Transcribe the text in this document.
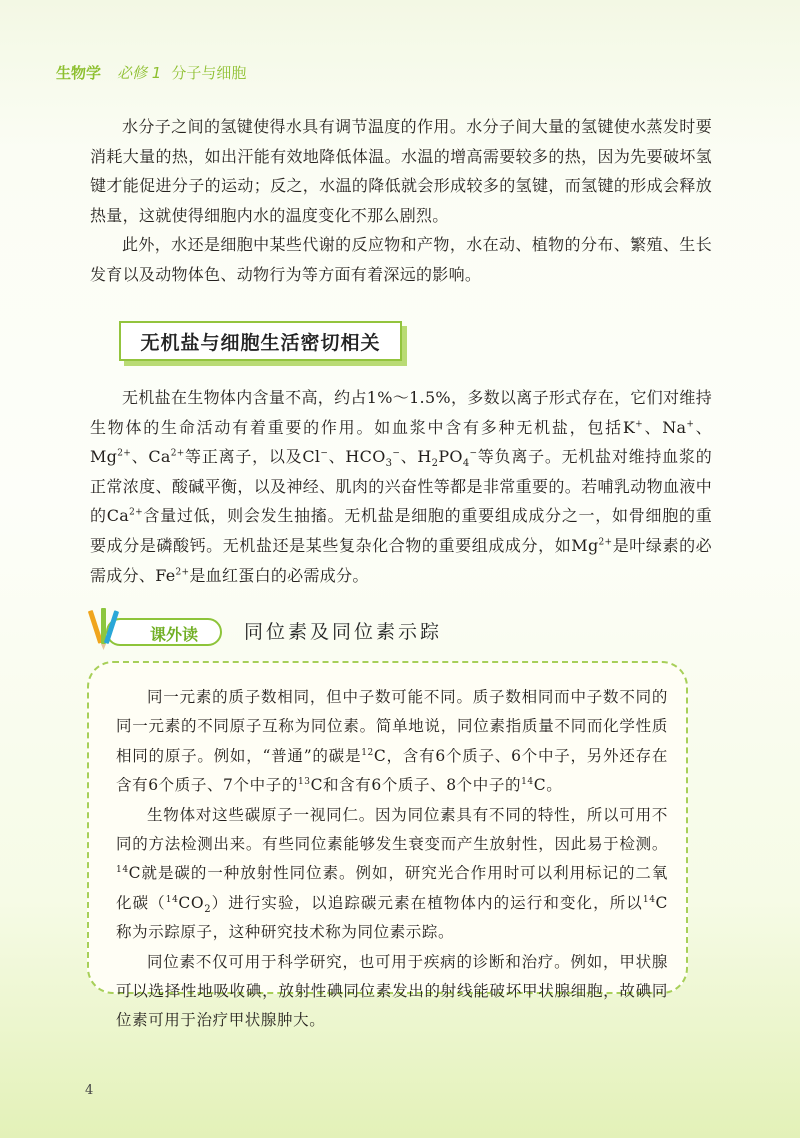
生物学 必修 1 分子与细胞

水分子之间的氢键使得水具有调节温度的作用。水分子间大量的氢键使水蒸发时要消耗大量的热，如出汗能有效地降低体温。水温的增高需要较多的热，因为先要破坏氢键才能促进分子的运动；反之，水温的降低就会形成较多的氢键，而氢键的形成会释放热量，这就使得细胞内水的温度变化不那么剧烈。

此外，水还是细胞中某些代谢的反应物和产物，水在动、植物的分布、繁殖、生长发育以及动物体色、动物行为等方面有着深远的影响。

无机盐与细胞生活密切相关

无机盐在生物体内含量不高，约占1%～1.5%，多数以离子形式存在，它们对维持生物体的生命活动有着重要的作用。如血浆中含有多种无机盐，包括K+、Na+、$Mg^{2+}$、$Ca^{2+}$等正离子，以及Cl−、$HCO_3^-$、$H_2PO_4^-$等负离子。无机盐对维持血浆的正常浓度、酸碱平衡，以及神经、肌肉的兴奋性等都是非常重要的。若哺乳动物血液中的$Ca^{2+}$含量过低，则会发生抽搐。无机盐是细胞的重要组成成分之一，如骨细胞的重要成分是磷酸钙。无机盐还是某些复杂化合物的重要组成成分，如$Mg^{2+}$是叶绿素的必需成分、$Fe^{2+}$是血红蛋白的必需成分。

课外读 同位素及同位素示踪

同一元素的质子数相同，但中子数可能不同。质子数相同而中子数不同的同一元素的不同原子互称为同位素。简单地说，同位素指质量不同而化学性质相同的原子。例如，“普通”的碳是$^{12}$C，含有6个质子、6个中子，另外还存在含有6个质子、7个中子的$^{13}$C和含有6个质子、8个中子的$^{14}$C。

生物体对这些碳原子一视同仁。因为同位素具有不同的特性，所以可用不同的方法检测出来。有些同位素能够发生衰变而产生放射性，因此易于检测。$^{14}$C就是碳的一种放射性同位素。例如，研究光合作用时可以利用标记的二氧化碳$(^{14}CO_2)$进行实验，以追踪碳元素在植物体内的运行和变化，所以$^{14}$C称为示踪原子，这种研究技术称为同位素示踪。

同位素不仅可用于科学研究，也可用于疾病的诊断和治疗。例如，甲状腺可以选择性地吸收碘，放射性碘同位素发出的射线能破坏甲状腺细胞，故碘同位素可用于治疗甲状腺肿大。

4
